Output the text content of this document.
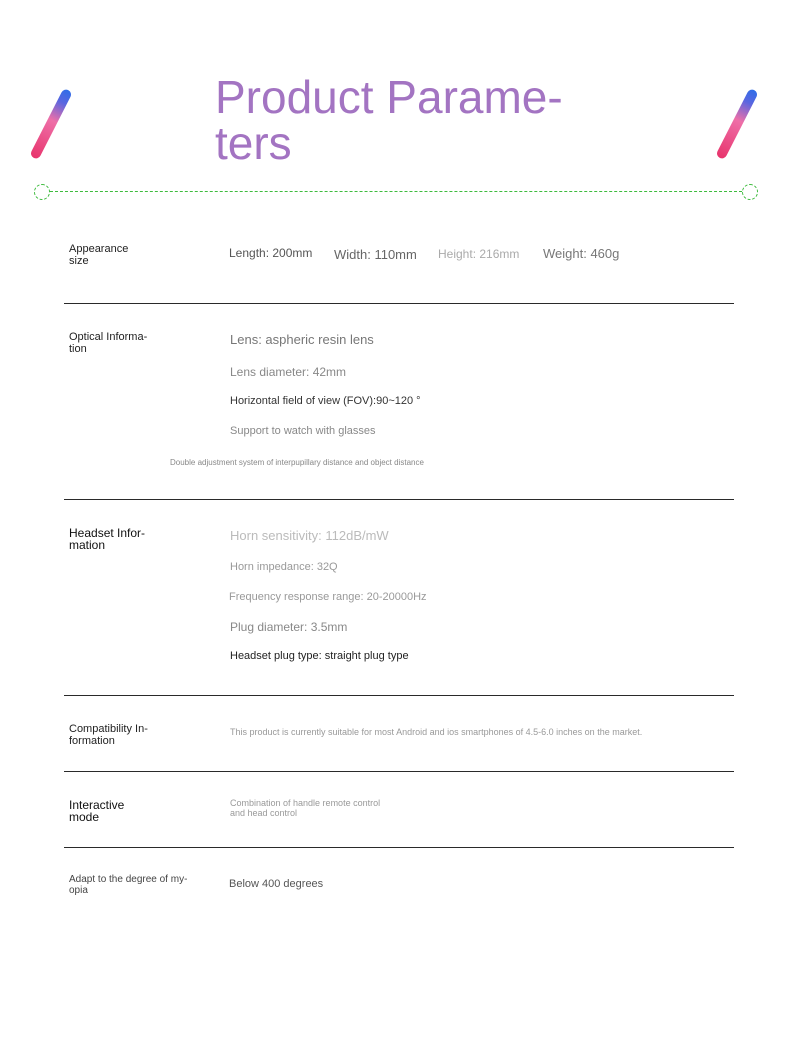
Product Parame-
ters
Appearance
size
Length: 200mm Width: 110mm Height: 216mm Weight: 460g
Optical Informa-
tion
Lens: aspheric resin lens
Lens diameter: 42mm
Horizontal field of view (FOV):90~120 °
Support to watch with glasses
Double adjustment system of interpupillary distance and object distance
Headset Infor-
mation
Horn sensitivity: 112dB/mW
Horn impedance: 32Q
Frequency response range: 20-20000Hz
Plug diameter: 3.5mm
Headset plug type: straight plug type
Compatibility In-
formation
This product is currently suitable for most Android and ios smartphones of 4.5-6.0 inches on the market.
Interactive
mode
Combination of handle remote control
and head control
Adapt to the degree of my-
opia
Below 400 degrees
